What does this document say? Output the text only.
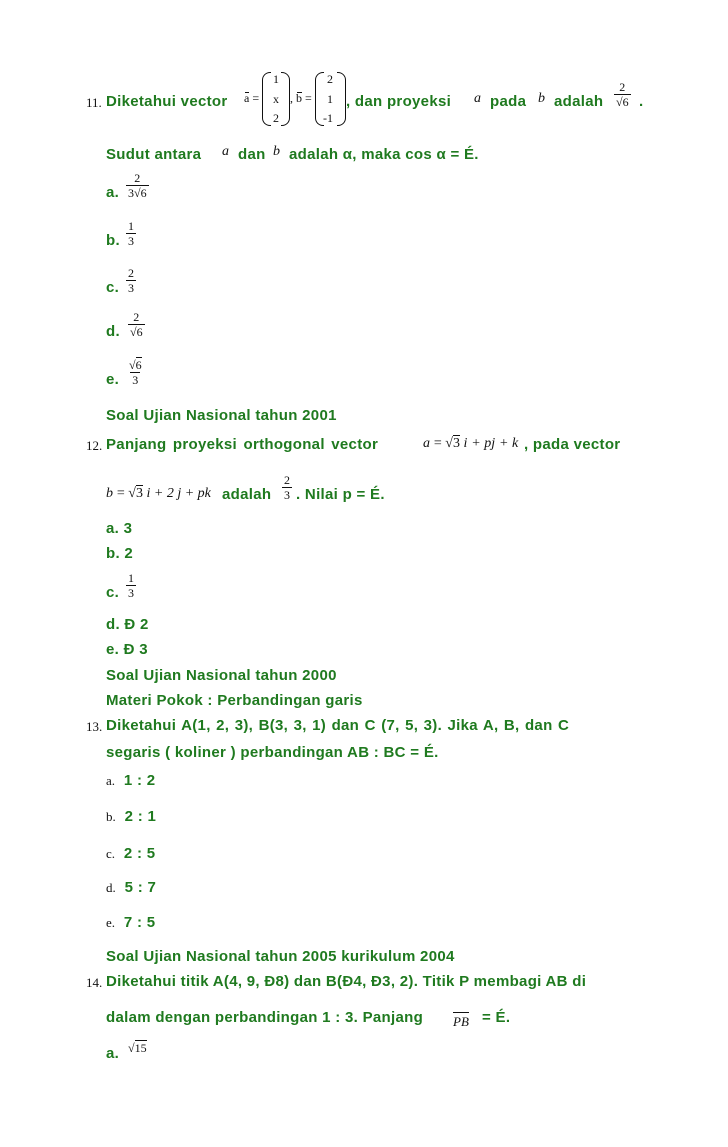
11. Diketahui vector a =
1
x
2
, b =
2
1
-1
, dan proyeksi a pada b adalah $\frac{2}{√6}$ .
Sudut antara a dan b adalah α, maka cos α = É.
a. $\frac{2}{3√6}$
b. $\frac{1}{3}$
c. $\frac{2}{3}$
d. $\frac{2}{√6}$
e. $\frac{√6}{3}$
Soal Ujian Nasional tahun 2001
12. Panjang proyeksi orthogonal vector	a = √3 i + pj + k , pada vector
b = √3 i + 2 j + pk adalah $\frac{2}{3}$ . Nilai p = É.
a. 3
b. 2
c. $\frac{1}{3}$
d. Ð 2
e. Ð 3
Soal Ujian Nasional tahun 2000
Materi Pokok : Perbandingan garis
13. Diketahui A(1, 2, 3), B(3, 3, 1) dan C (7, 5, 3). Jika A, B, dan C
segaris ( koliner ) perbandingan AB : BC = É.
a. 1 : 2
b. 2 : 1
c. 2 : 5
d. 5 : 7
e. 7 : 5
Soal Ujian Nasional tahun 2005 kurikulum 2004
14. Diketahui titik A(4, 9, Ð8) dan B(Ð4, Ð3, 2). Titik P membagi AB di
dalam dengan perbandingan 1 : 3. Panjang PB = É.
a. √15
